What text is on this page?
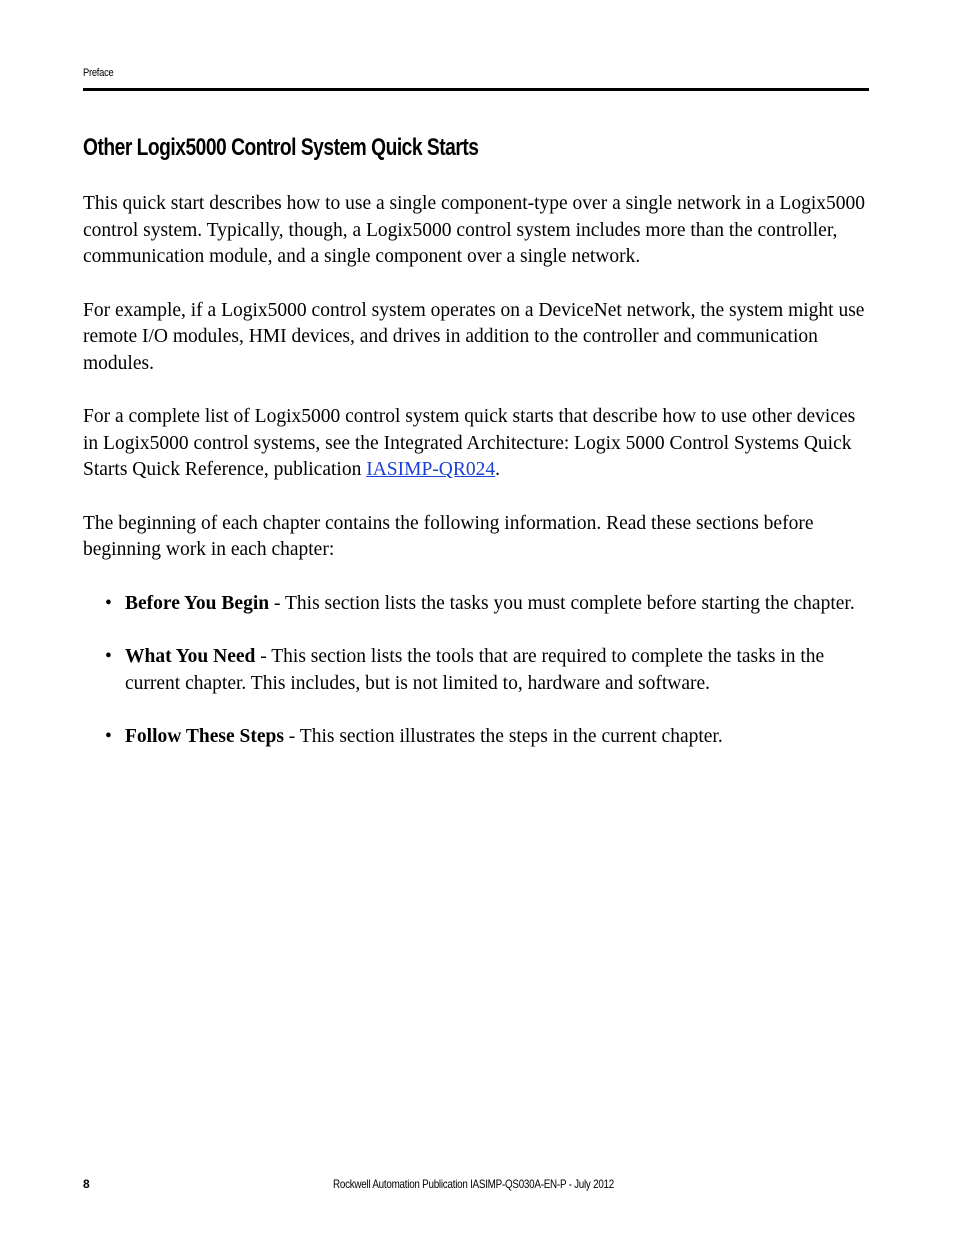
Preface
Other Logix5000 Control System Quick Starts

This quick start describes how to use a single component-type over a single network in a Logix5000 control system. Typically, though, a Logix5000 control system includes more than the controller, communication module, and a single component over a single network.

For example, if a Logix5000 control system operates on a DeviceNet network, the system might use remote I/O modules, HMI devices, and drives in addition to the controller and communication modules.

For a complete list of Logix5000 control system quick starts that describe how to use other devices in Logix5000 control systems, see the Integrated Architecture: Logix 5000 Control Systems Quick Starts Quick Reference, publication IASIMP-QR024.

The beginning of each chapter contains the following information. Read these sections before beginning work in each chapter:

• Before You Begin - This section lists the tasks you must complete before starting the chapter.
• What You Need - This section lists the tools that are required to complete the tasks in the current chapter. This includes, but is not limited to, hardware and software.
• Follow These Steps - This section illustrates the steps in the current chapter.
8	Rockwell Automation Publication IASIMP-QS030A-EN-P - July 2012
